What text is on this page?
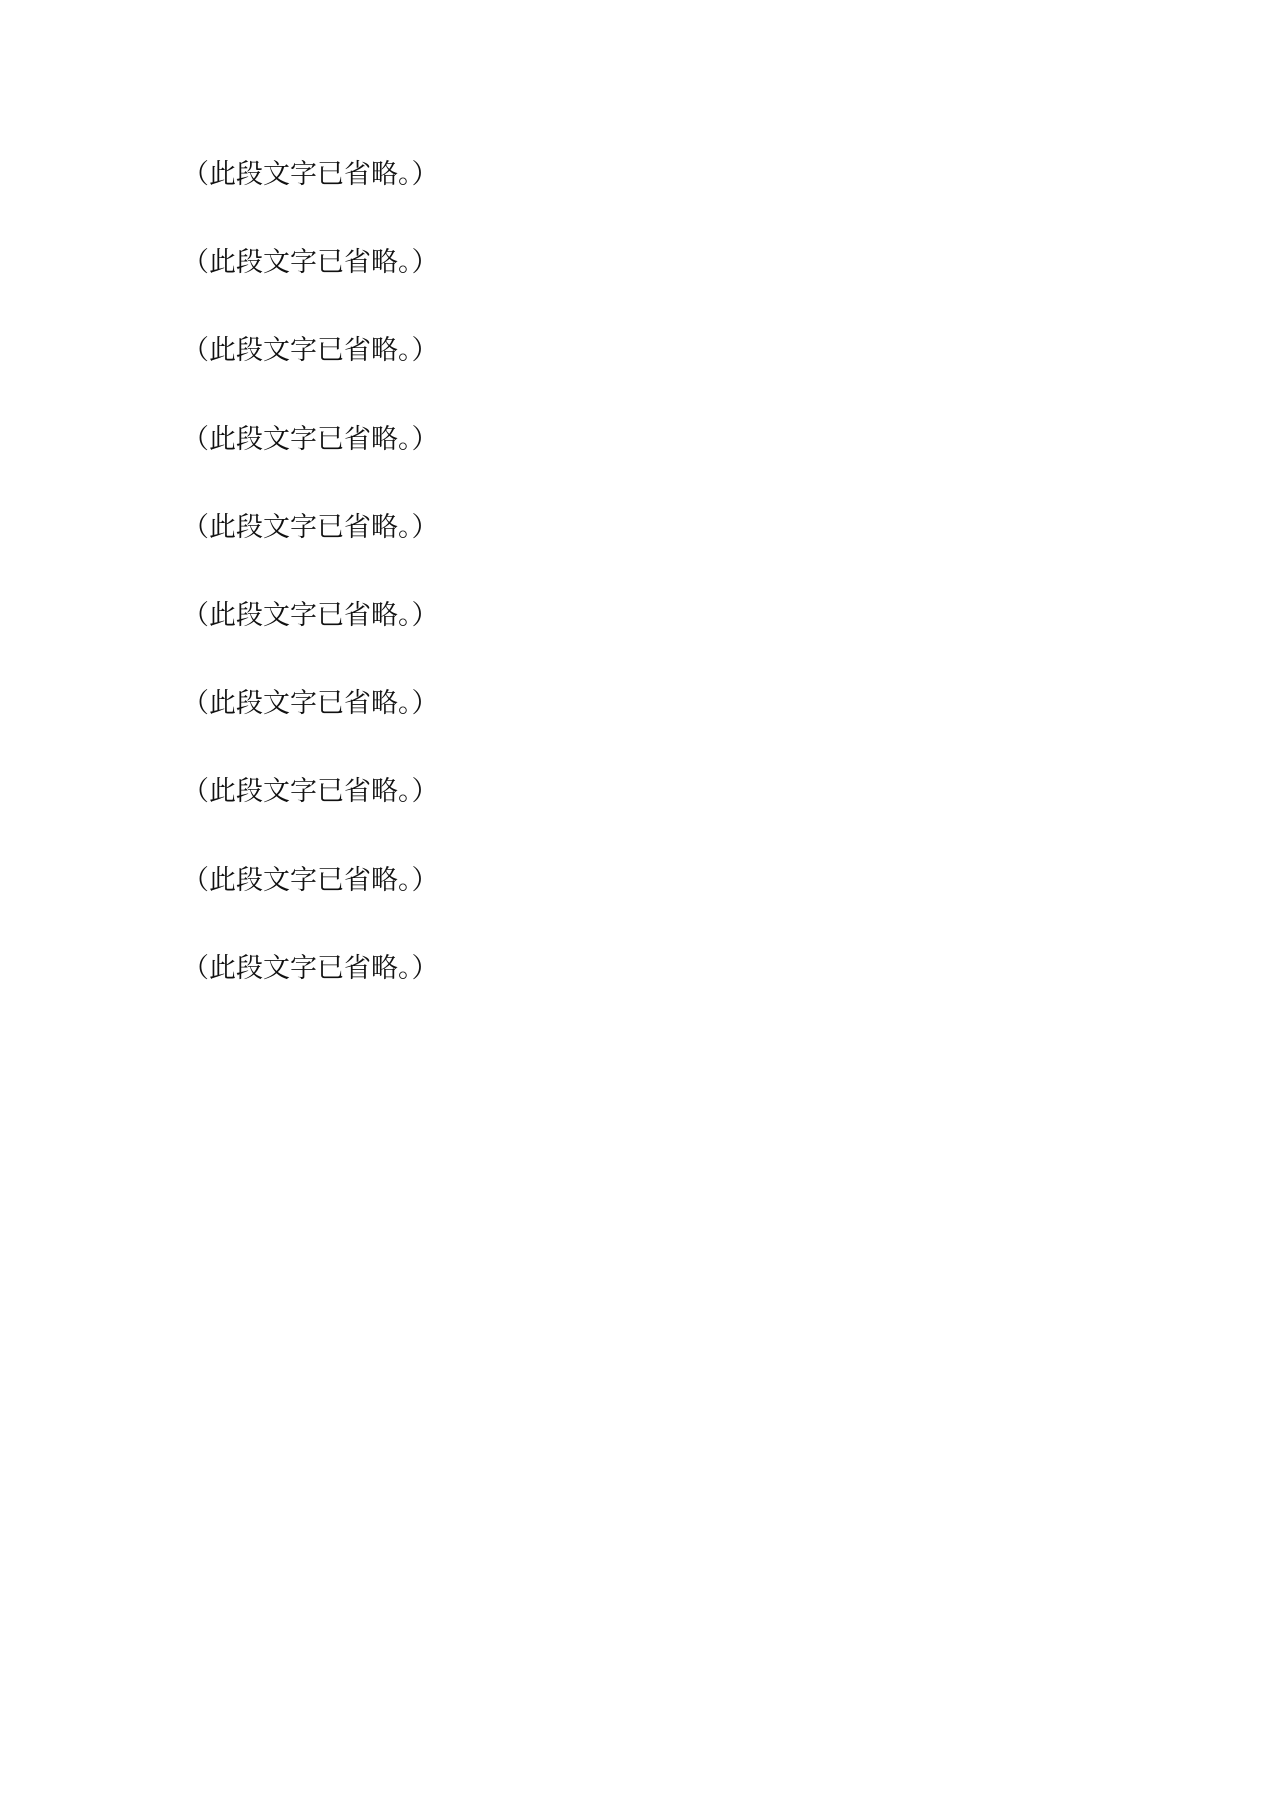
（此段文字已省略。）

（此段文字已省略。）

（此段文字已省略。）

（此段文字已省略。）

（此段文字已省略。）

（此段文字已省略。）

（此段文字已省略。）

（此段文字已省略。）

（此段文字已省略。）

（此段文字已省略。）
